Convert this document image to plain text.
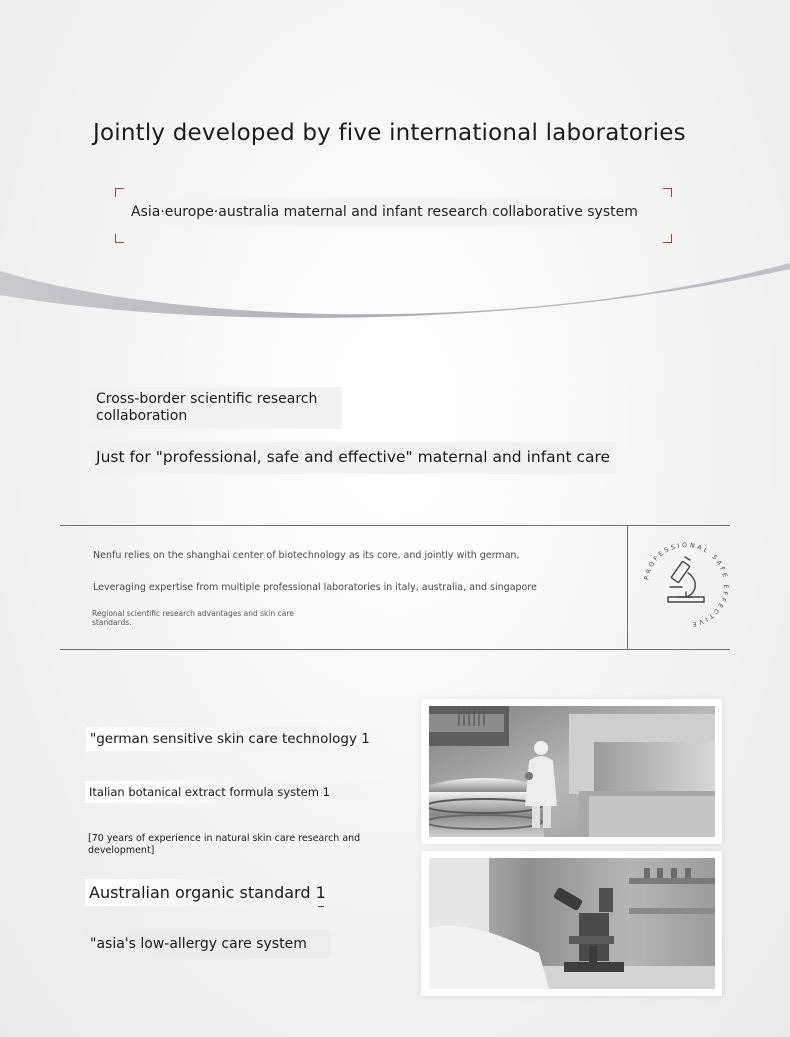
Jointly developed by five international laboratories
Asia·europe·australia maternal and infant research collaborative system
Cross-border scientific research collaboration
Just for "professional, safe and effective" maternal and infant care
Nenfu relies on the shanghai center of biotechnology as its core, and jointly with german,
Leveraging expertise from multiple professional laboratories in italy, australia, and singapore
Regional scientific research advantages and skin care standards.
PROFESSIONAL SAFE EFFECTIVE
"german sensitive skin care technology 1
Italian botanical extract formula system 1
[70 years of experience in natural skin care research and development]
Australian organic standard 1
"asia's low-allergy care system
